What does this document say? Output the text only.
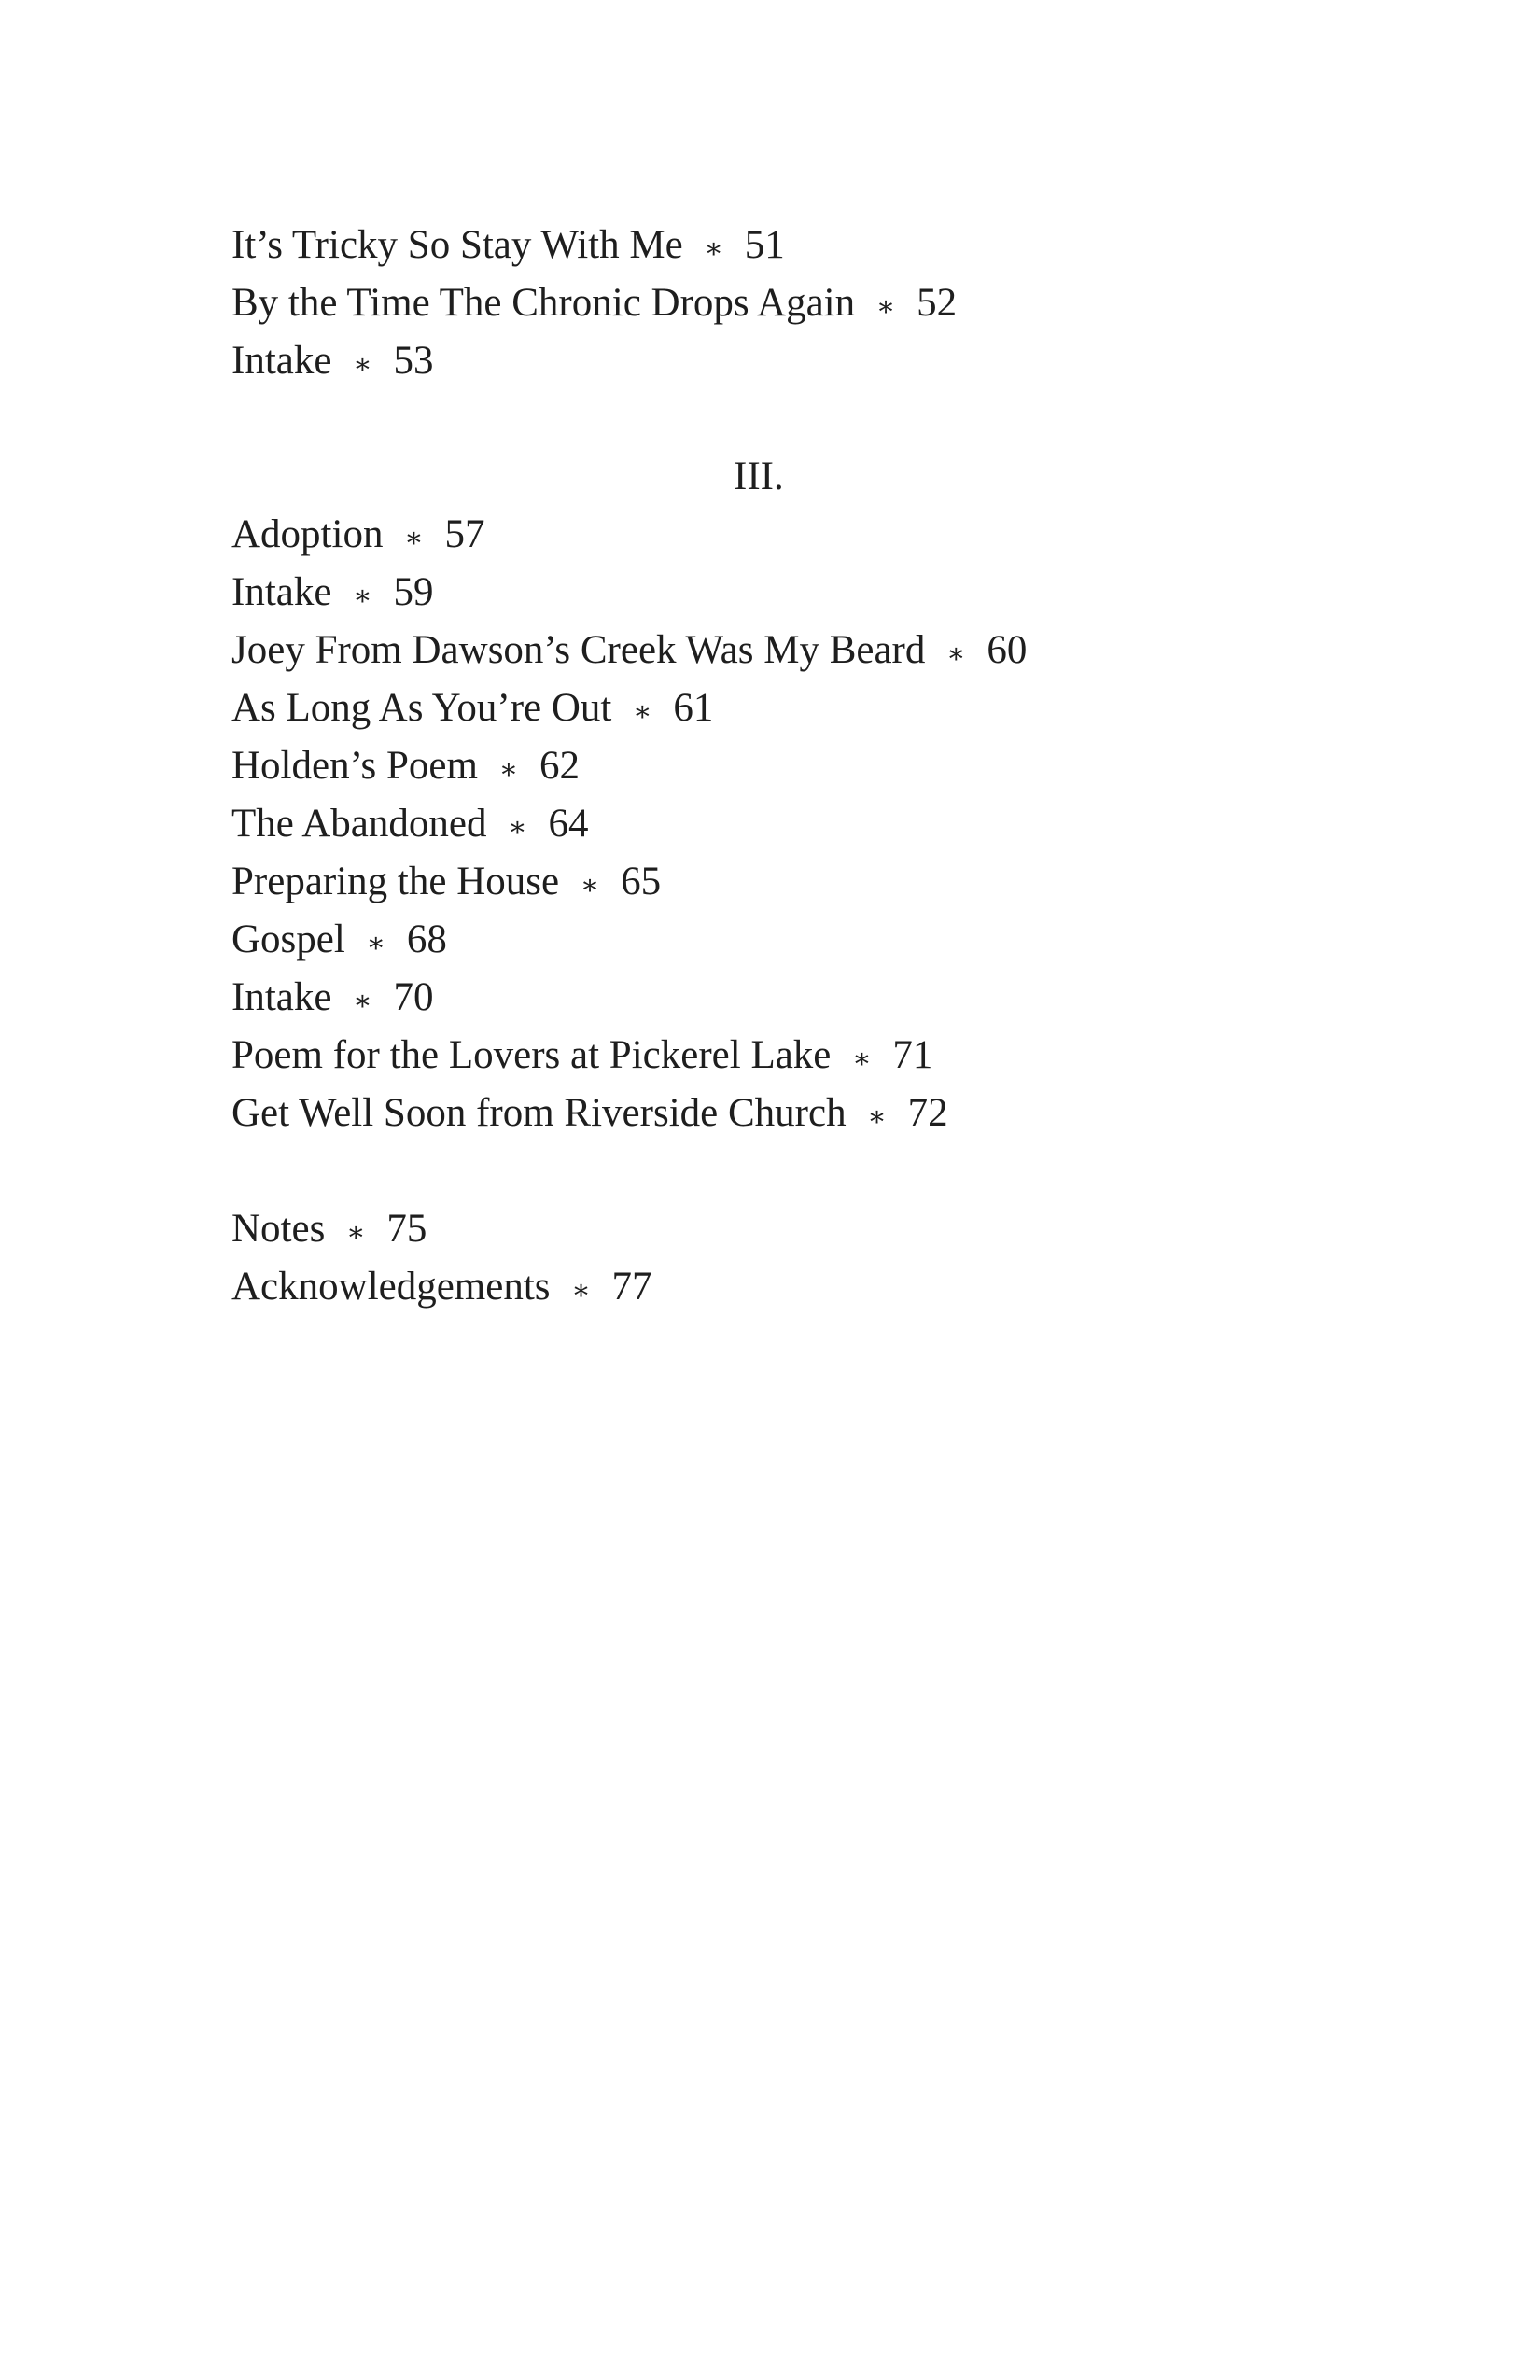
It’s Tricky So Stay With Me ∗ 51
By the Time The Chronic Drops Again ∗ 52
Intake ∗ 53
III.
Adoption ∗ 57
Intake ∗ 59
Joey From Dawson’s Creek Was My Beard ∗ 60
As Long As You’re Out ∗ 61
Holden’s Poem ∗ 62
The Abandoned ∗ 64
Preparing the House ∗ 65
Gospel ∗ 68
Intake ∗ 70
Poem for the Lovers at Pickerel Lake ∗ 71
Get Well Soon from Riverside Church ∗ 72
Notes ∗ 75
Acknowledgements ∗ 77
